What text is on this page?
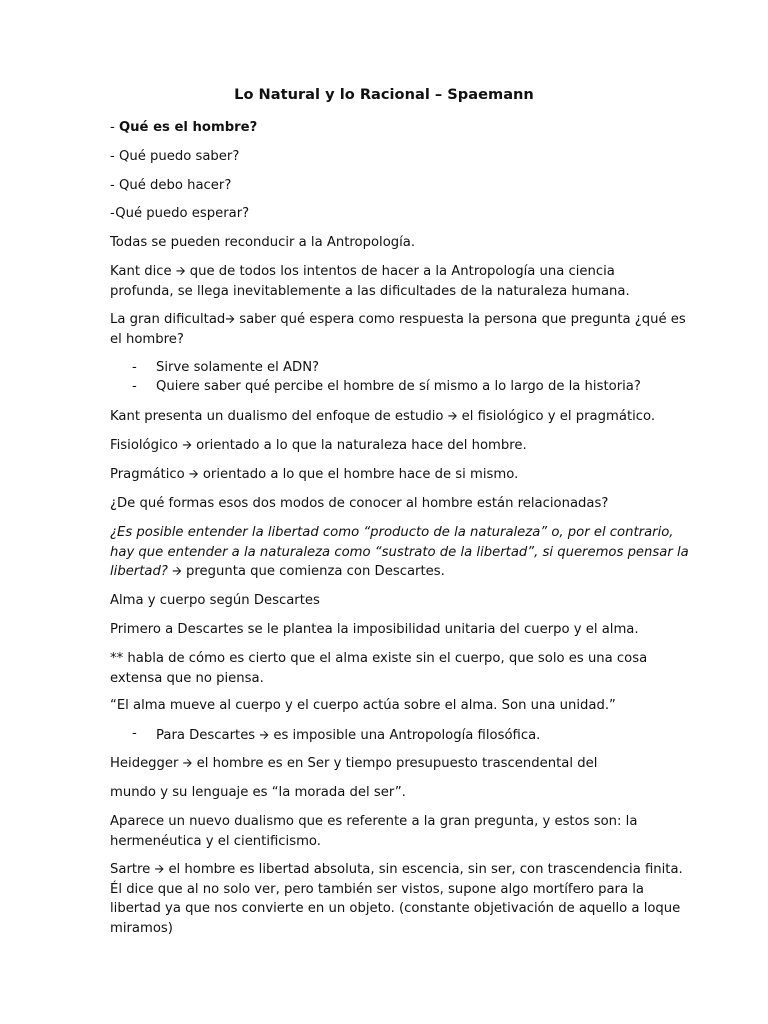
Lo Natural y lo Racional – Spaemann
- Qué es el hombre?
- Qué puedo saber?
- Qué debo hacer?
-Qué puedo esperar?
Todas se pueden reconducir a la Antropología.
Kant dice 🡪 que de todos los intentos de hacer a la Antropología una ciencia
profunda, se llega inevitablemente a las dificultades de la naturaleza humana.
La gran dificultad🡪 saber qué espera como respuesta la persona que pregunta ¿qué es
el hombre?
- Sirve solamente el ADN?
- Quiere saber qué percibe el hombre de sí mismo a lo largo de la historia?
Kant presenta un dualismo del enfoque de estudio 🡪 el fisiológico y el pragmático.
Fisiológico 🡪 orientado a lo que la naturaleza hace del hombre.
Pragmático 🡪 orientado a lo que el hombre hace de si mismo.
¿De qué formas esos dos modos de conocer al hombre están relacionadas?
¿Es posible entender la libertad como “producto de la naturaleza” o, por el contrario,
hay que entender a la naturaleza como “sustrato de la libertad”, si queremos pensar la
libertad? 🡪 pregunta que comienza con Descartes.
Alma y cuerpo según Descartes
Primero a Descartes se le plantea la imposibilidad unitaria del cuerpo y el alma.
** habla de cómo es cierto que el alma existe sin el cuerpo, que solo es una cosa
extensa que no piensa.
“El alma mueve al cuerpo y el cuerpo actúa sobre el alma. Son una unidad.”
- Para Descartes 🡪 es imposible una Antropología filosófica.
Heidegger 🡪 el hombre es en Ser y tiempo presupuesto trascendental del
mundo y su lenguaje es “la morada del ser”.
Aparece un nuevo dualismo que es referente a la gran pregunta, y estos son: la
hermenéutica y el cientificismo.
Sartre 🡪 el hombre es libertad absoluta, sin escencia, sin ser, con trascendencia finita.
Él dice que al no solo ver, pero también ser vistos, supone algo mortífero para la
libertad ya que nos convierte en un objeto. (constante objetivación de aquello a loque
miramos)
